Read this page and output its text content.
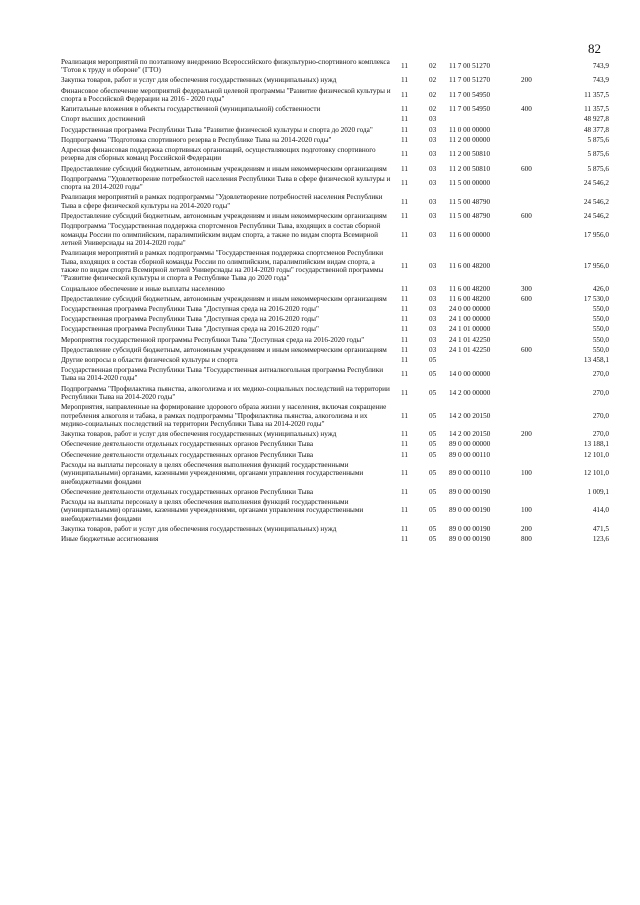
82
Реализация мероприятий по поэтапному внедрению Всероссийского физкультурно-спортивного комплекса "Готов к труду и обороне" (ГТО)	11	02	11 7 00 51270		743,9
Закупка товаров, работ и услуг для обеспечения государственных (муниципальных) нужд	11	02	11 7 00 51270	200	743,9
Финансовое обеспечение мероприятий федеральной целевой программы "Развитие физической культуры и спорта в Российской Федерации на 2016 - 2020 годы"	11	02	11 7 00 54950		11 357,5
Капитальные вложения в объекты государственной (муниципальной) собственности	11	02	11 7 00 54950	400	11 357,5
Спорт высших достижений	11	03			48 927,8
Государственная программа Республики Тыва "Развитие физической культуры и спорта до 2020 года"	11	03	11 0 00 00000		48 377,8
Подпрограмма "Подготовка спортивного резерва в Республике Тыва на 2014-2020 годы"	11	03	11 2 00 00000		5 875,6
Адресная финансовая поддержка спортивных организаций, осуществляющих подготовку спортивного резерва для сборных команд Российской Федерации	11	03	11 2 00 50810		5 875,6
Предоставление субсидий бюджетным, автономным учреждениям и иным некоммерческим организациям	11	03	11 2 00 50810	600	5 875,6
Подпрограмма "Удовлетворение потребностей населения Республики Тыва в сфере физической культуры и спорта на 2014-2020 годы"	11	03	11 5 00 00000		24 546,2
Реализация мероприятий в рамках подпрограммы "Удовлетворение потребностей населения Республики Тыва в сфере физической культуры на 2014-2020 годы"	11	03	11 5 00 48790		24 546,2
Предоставление субсидий бюджетным, автономным учреждениям и иным некоммерческим организациям	11	03	11 5 00 48790	600	24 546,2
Подпрограмма "Государственная поддержка спортсменов Республики Тыва, входящих в состав сборной команды России по олимпийским, паралимпийским видам спорта, а также по видам спорта Всемирной летней Универсиады на 2014-2020 годы"	11	03	11 6 00 00000		17 956,0
Реализация мероприятий в рамках подпрограммы "Государственная поддержка спортсменов Республики Тыва, входящих в состав сборной команды России по олимпийским, паралимпийским видам спорта, а также по видам спорта Всемирной летней Универсиады на 2014-2020 годы" государственной программы "Развитие физической культуры и спорта в Республике Тыва до 2020 года"	11	03	11 6 00 48200		17 956,0
Социальное обеспечение и иные выплаты населению	11	03	11 6 00 48200	300	426,0
Предоставление субсидий бюджетным, автономным учреждениям и иным некоммерческим организациям	11	03	11 6 00 48200	600	17 530,0
Государственная программа Республики Тыва "Доступная среда на 2016-2020 годы"	11	03	24 0 00 00000		550,0
Государственная программа Республики Тыва "Доступная среда на 2016-2020 годы"	11	03	24 1 00 00000		550,0
Государственная программа Республики Тыва "Доступная среда на 2016-2020 годы"	11	03	24 1 01 00000		550,0
Мероприятия государственной программы Республики Тыва "Доступная среда на 2016-2020 годы"	11	03	24 1 01 42250		550,0
Предоставление субсидий бюджетным, автономным учреждениям и иным некоммерческим организациям	11	03	24 1 01 42250	600	550,0
Другие вопросы в области физической культуры и спорта	11	05			13 458,1
Государственная программа Республики Тыва "Государственная антиалкогольная программа Республики Тыва на 2014-2020 годы"	11	05	14 0 00 00000		270,0
Подпрограмма "Профилактика пьянства, алкоголизма и их медико-социальных последствий на территории Республики Тыва на 2014-2020 годы"	11	05	14 2 00 00000		270,0
Мероприятия, направленные на формирование здорового образа жизни у населения, включая сокращение потребления алкоголя и табака, в рамках подпрограммы "Профилактика пьянства, алкоголизма и их медико-социальных последствий на территории Республики Тыва на 2014-2020 годы"	11	05	14 2 00 20150		270,0
Закупка товаров, работ и услуг для обеспечения государственных (муниципальных) нужд	11	05	14 2 00 20150	200	270,0
Обеспечение деятельности отдельных государственных органов Республики Тыва	11	05	89 0 00 00000		13 188,1
Обеспечение деятельности отдельных государственных органов Республики Тыва	11	05	89 0 00 00110		12 101,0
Расходы на выплаты персоналу в целях обеспечения выполнения функций государственными (муниципальными) органами, казенными учреждениями, органами управления государственными внебюджетными фондами	11	05	89 0 00 00110	100	12 101,0
Обеспечение деятельности отдельных государственных органов Республики Тыва	11	05	89 0 00 00190		1 009,1
Расходы на выплаты персоналу в целях обеспечения выполнения функций государственными (муниципальными) органами, казенными учреждениями, органами управления государственными внебюджетными фондами	11	05	89 0 00 00190	100	414,0
Закупка товаров, работ и услуг для обеспечения государственных (муниципальных) нужд	11	05	89 0 00 00190	200	471,5
Иные бюджетные ассигнования	11	05	89 0 00 00190	800	123,6
